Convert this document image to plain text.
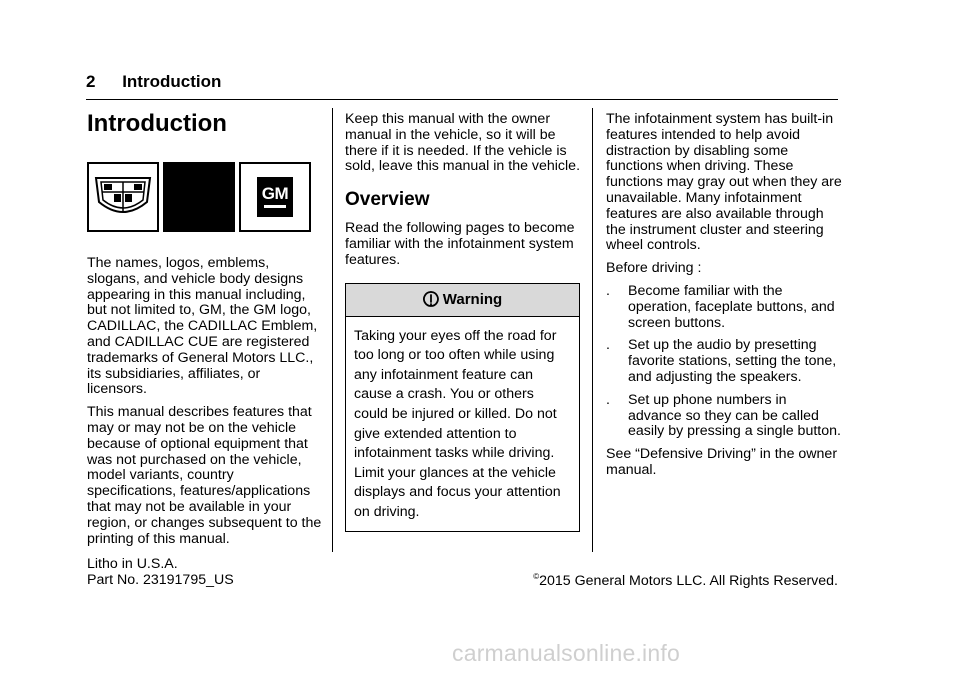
2 Introduction
Introduction
GM

The names, logos, emblems, slogans, and vehicle body designs appearing in this manual including, but not limited to, GM, the GM logo, CADILLAC, the CADILLAC Emblem, and CADILLAC CUE are registered trademarks of General Motors LLC., its subsidiaries, affiliates, or licensors.

This manual describes features that may or may not be on the vehicle because of optional equipment that was not purchased on the vehicle, model variants, country specifications, features/applications that may not be available in your region, or changes subsequent to the printing of this manual.

Keep this manual with the owner manual in the vehicle, so it will be there if it is needed. If the vehicle is sold, leave this manual in the vehicle.

Overview

Read the following pages to become familiar with the infotainment system features.

Warning
Taking your eyes off the road for too long or too often while using any infotainment feature can cause a crash. You or others could be injured or killed. Do not give extended attention to infotainment tasks while driving. Limit your glances at the vehicle displays and focus your attention on driving.

The infotainment system has built-in features intended to help avoid distraction by disabling some functions when driving. These functions may gray out when they are unavailable. Many infotainment features are also available through the instrument cluster and steering wheel controls.

Before driving :

.	Become familiar with the operation, faceplate buttons, and screen buttons.
.	Set up the audio by presetting favorite stations, setting the tone, and adjusting the speakers.
.	Set up phone numbers in advance so they can be called easily by pressing a single button.

See “Defensive Driving” in the owner manual.

Litho in U.S.A.
Part No. 23191795_US	©2015 General Motors LLC. All Rights Reserved.
carmanualsonline.info
